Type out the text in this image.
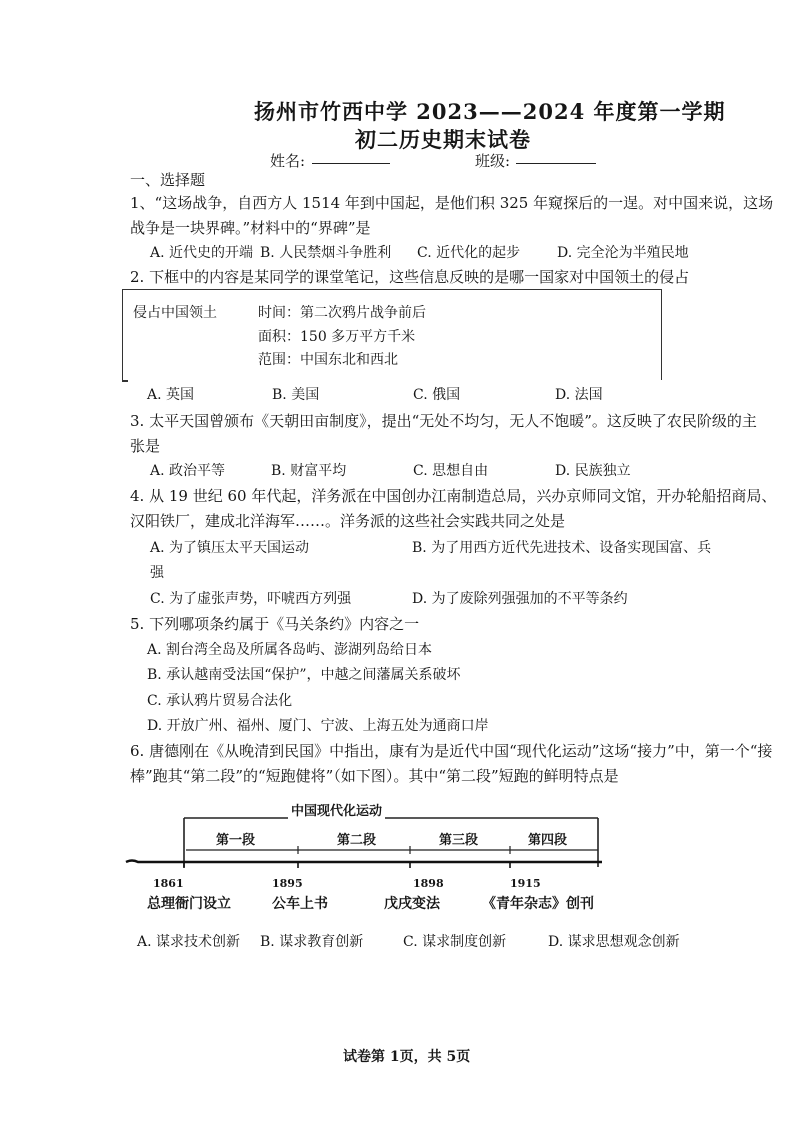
扬州市竹西中学 2023——2024 年度第一学期
初二历史期末试卷
姓名:	班级:
一、选择题
1、“这场战争，自西方人 1514 年到中国起，是他们积 325 年窥探后的一逞。对中国来说，这场
战争是一块界碑。”材料中的“界碑”是
A. 近代史的开端 B. 人民禁烟斗争胜利 C. 近代化的起步	D. 完全沦为半殖民地
2. 下框中的内容是某同学的课堂笔记，这些信息反映的是哪一国家对中国领土的侵占
侵占中国领土	时间：第二次鸦片战争前后
面积：150 多万平方千米
范围：中国东北和西北
A. 英国	B. 美国	C. 俄国	D. 法国
3. 太平天国曾颁布《天朝田亩制度》，提出“无处不均匀，无人不饱暖”。这反映了农民阶级的主
张是
A. 政治平等	B. 财富平均	C. 思想自由	D. 民族独立
4. 从 19 世纪 60 年代起，洋务派在中国创办江南制造总局，兴办京师同文馆，开办轮船招商局、
汉阳铁厂，建成北洋海军……。洋务派的这些社会实践共同之处是
A. 为了镇压太平天国运动	B. 为了用西方近代先进技术、设备实现国富、兵
强
C. 为了虚张声势，吓唬西方列强	D. 为了废除列强强加的不平等条约
5. 下列哪项条约属于《马关条约》内容之一
A. 割台湾全岛及所属各岛屿、澎湖列岛给日本
B. 承认越南受法国“保护”，中越之间藩属关系破坏
C. 承认鸦片贸易合法化
D. 开放广州、福州、厦门、宁波、上海五处为通商口岸
6. 唐德刚在《从晚清到民国》中指出，康有为是近代中国“现代化运动”这场“接力”中，第一个“接
棒”跑其“第二段”的“短跑健将”（如下图）。其中“第二段”短跑的鲜明特点是
中国现代化运动
第一段	第二段	第三段	第四段
1861	1895	1898	1915
总理衙门设立	公车上书	戊戌变法	《青年杂志》创刊
A. 谋求技术创新 B. 谋求教育创新	C. 谋求制度创新	D. 谋求思想观念创新
试卷第 1页，共 5页
